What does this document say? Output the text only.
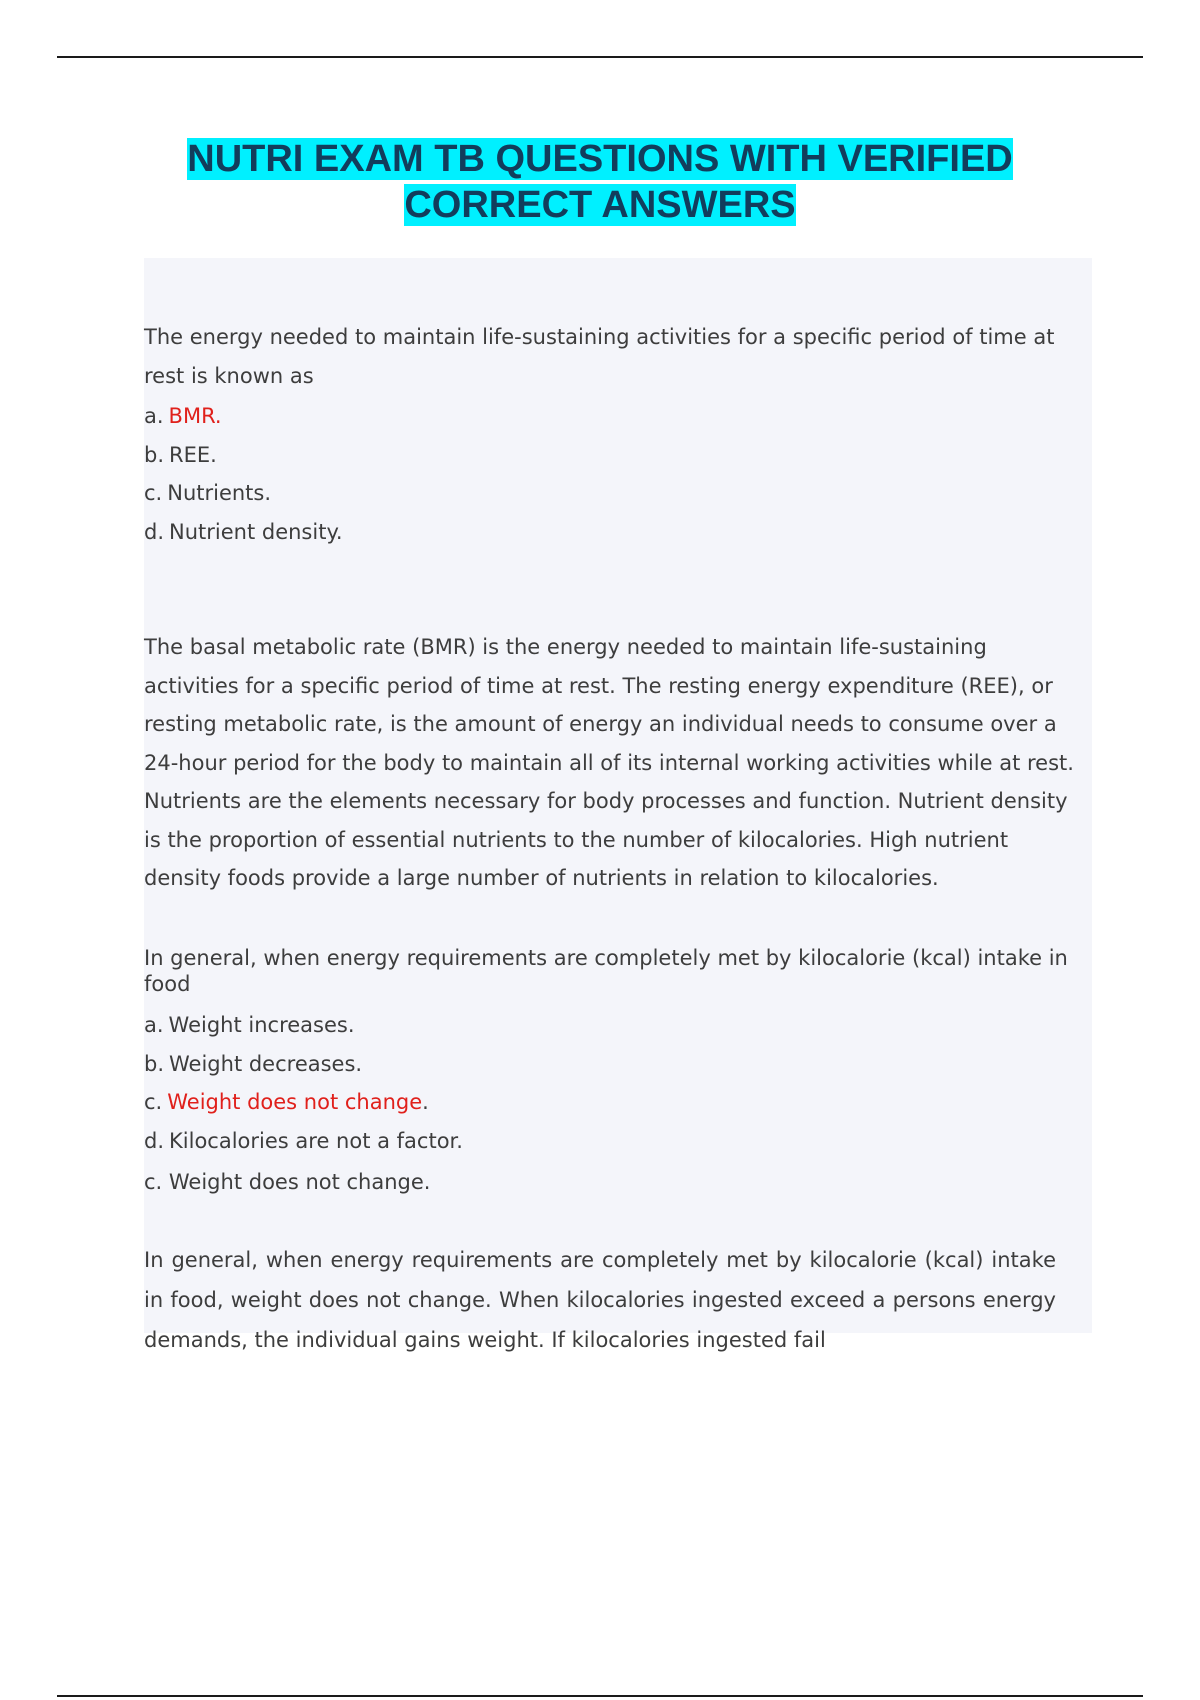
NUTRI EXAM TB QUESTIONS WITH VERIFIED
CORRECT ANSWERS
The energy needed to maintain life-sustaining activities for a specific period of time at rest is known as
a. BMR.
b. REE.
c. Nutrients.
d. Nutrient density.
The basal metabolic rate (BMR) is the energy needed to maintain life-sustaining activities for a specific period of time at rest. The resting energy expenditure (REE), or resting metabolic rate, is the amount of energy an individual needs to consume over a 24-hour period for the body to maintain all of its internal working activities while at rest. Nutrients are the elements necessary for body processes and function. Nutrient density is the proportion of essential nutrients to the number of kilocalories. High nutrient density foods provide a large number of nutrients in relation to kilocalories.
In general, when energy requirements are completely met by kilocalorie (kcal) intake in food
a. Weight increases.
b. Weight decreases.
c. Weight does not change.
d. Kilocalories are not a factor.
c. Weight does not change.
In general, when energy requirements are completely met by kilocalorie (kcal) intake in food, weight does not change. When kilocalories ingested exceed a persons energy demands, the individual gains weight. If kilocalories ingested fail
